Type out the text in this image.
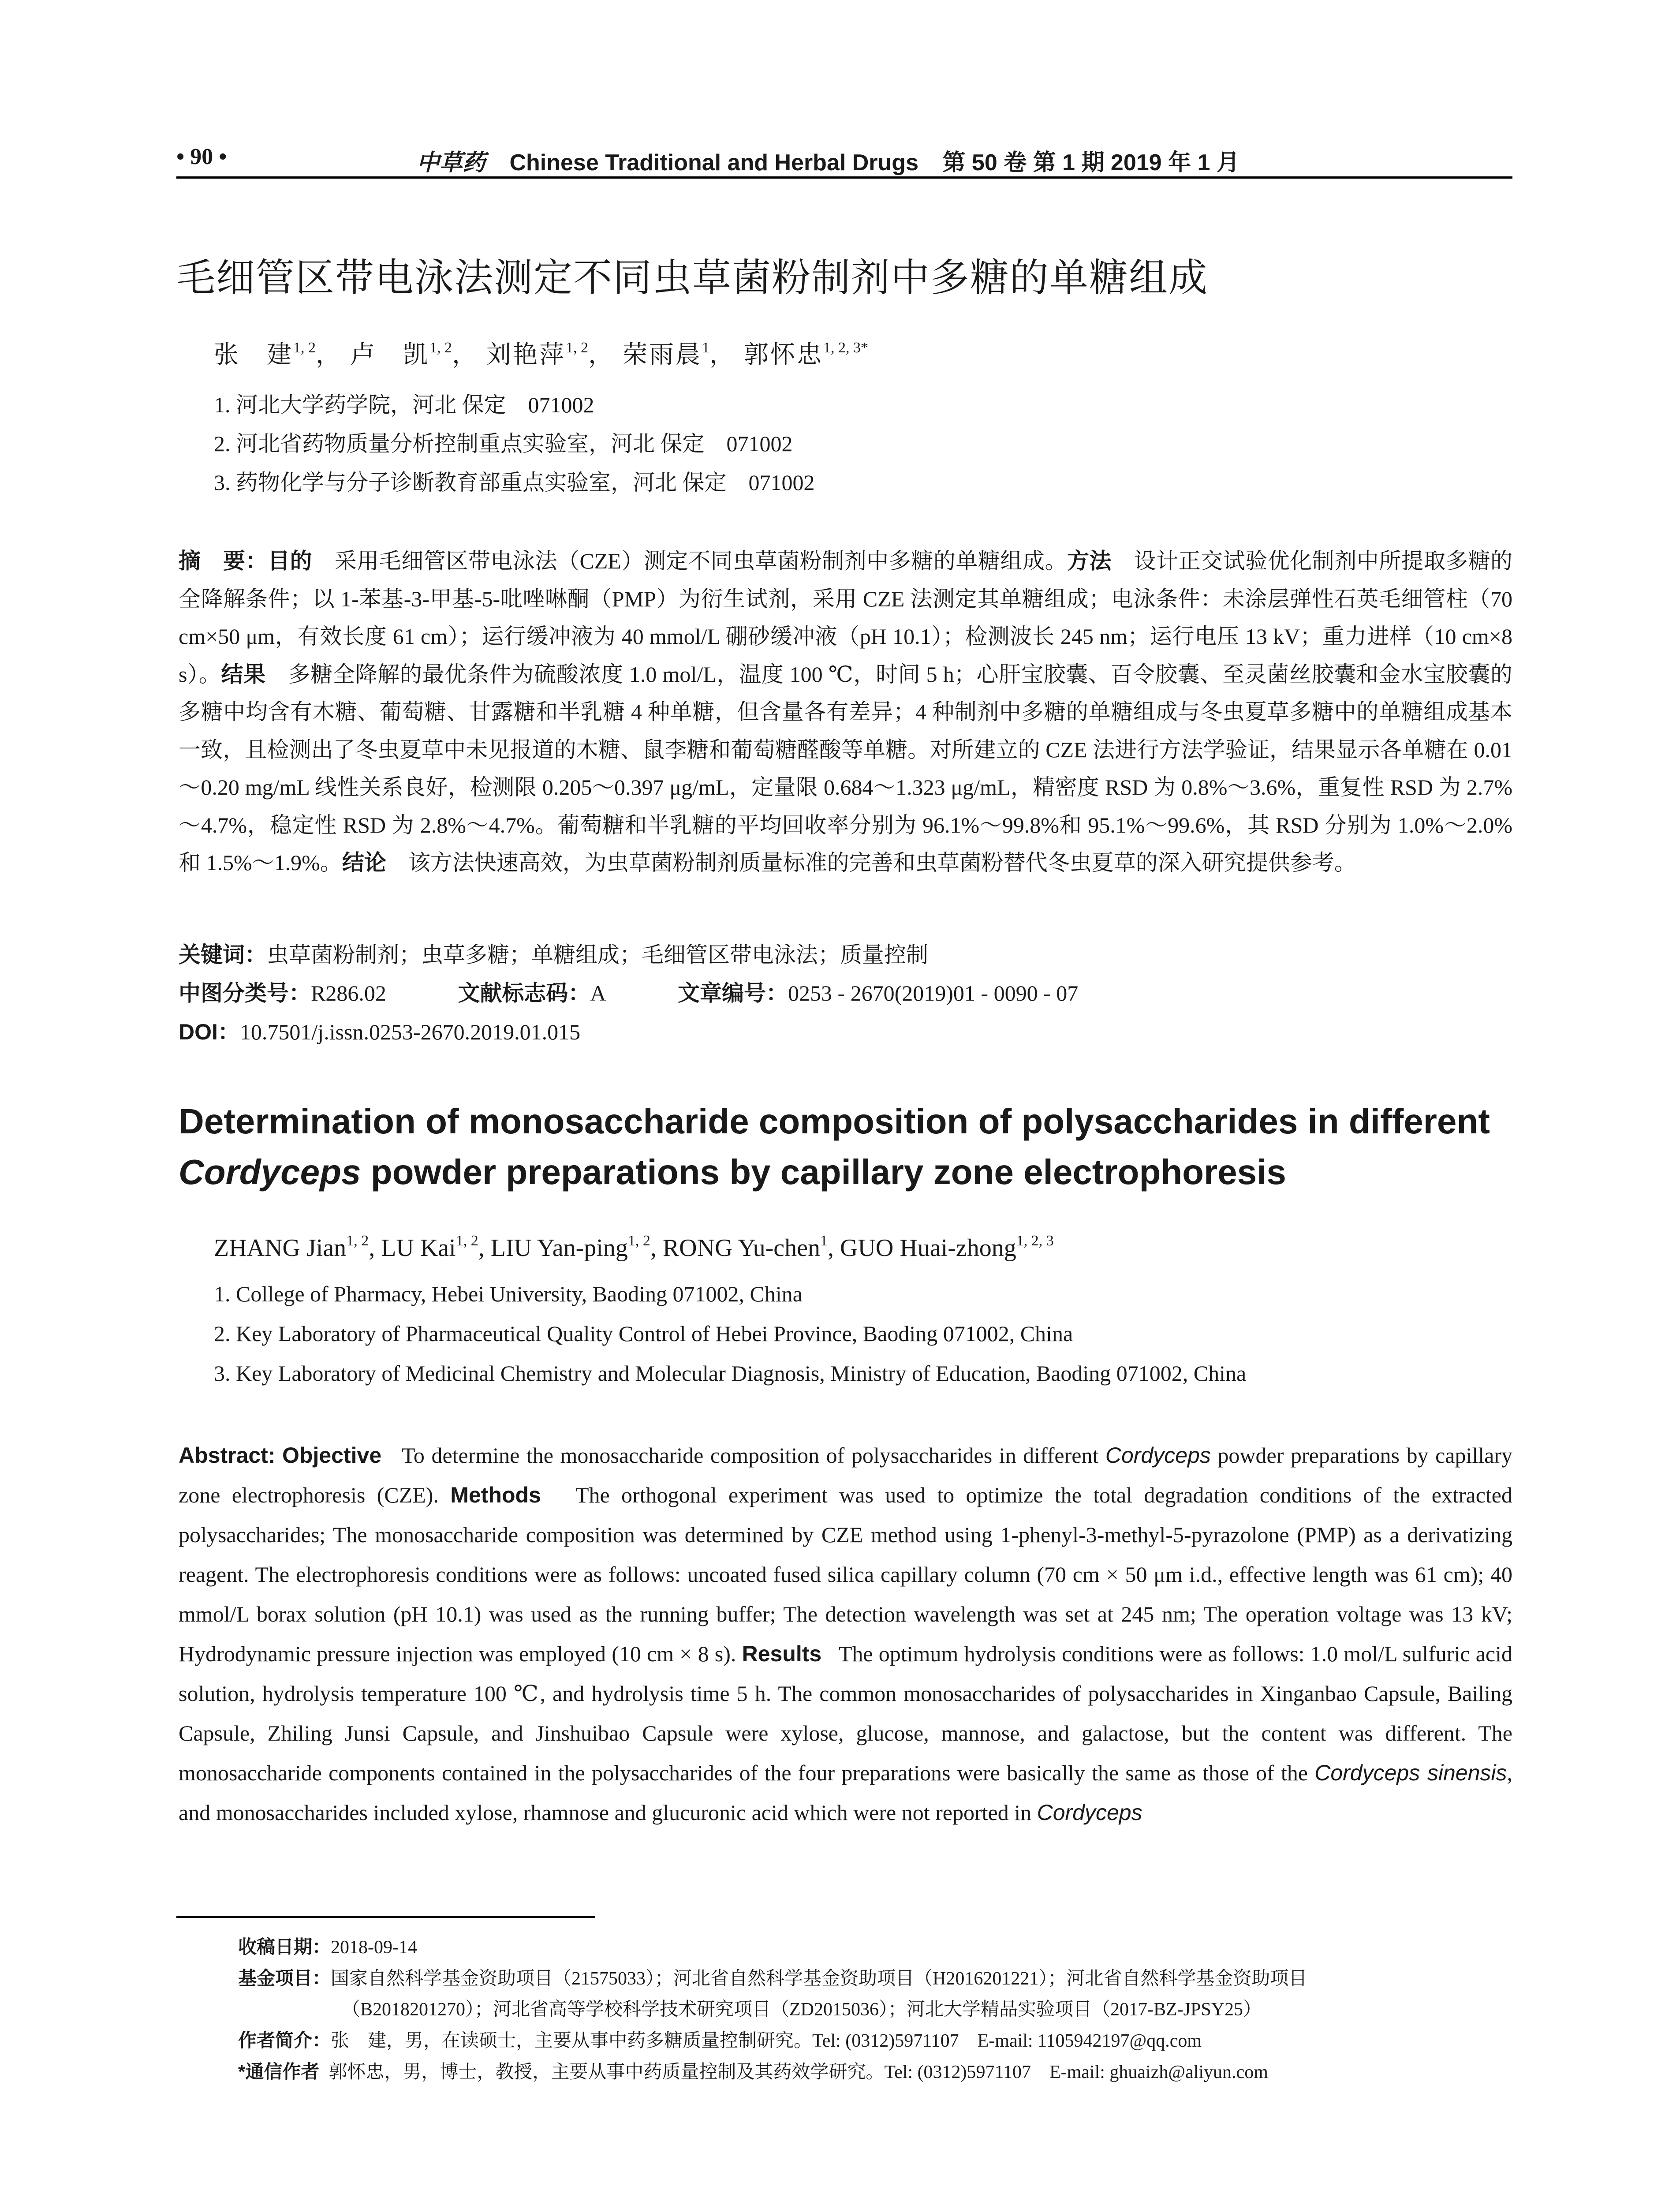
• 90 •	中草药 Chinese Traditional and Herbal Drugs 第 50 卷 第 1 期 2019 年 1 月
毛细管区带电泳法测定不同虫草菌粉制剂中多糖的单糖组成
张　建$^{1, 2}$， 卢　凯$^{1, 2}$， 刘艳萍$^{1, 2}$， 荣雨晨$^1$， 郭怀忠$^{1, 2, 3*}$
1. 河北大学药学院，河北 保定　071002
2. 河北省药物质量分析控制重点实验室，河北 保定　071002
3. 药物化学与分子诊断教育部重点实验室，河北 保定　071002
摘　要：目的　 采用毛细管区带电泳法（CZE）测定不同虫草菌粉制剂中多糖的单糖组成。方法　 设计正交试验优化制剂中所提取多糖的全降解条件；以 1-苯基-3-甲基-5-吡唑啉酮（PMP）为衍生试剂，采用 CZE 法测定其单糖组成；电泳条件：未涂层弹性石英毛细管柱（70 cm×50 μm，有效长度 61 cm）；运行缓冲液为 40 mmol/L 硼砂缓冲液（pH 10.1）；检测波长 245 nm；运行电压 13 kV；重力进样（10 cm×8 s）。结果　 多糖全降解的最优条件为硫酸浓度 1.0 mol/L，温度 100 ℃，时间 5 h；心肝宝胶囊、百令胶囊、至灵菌丝胶囊和金水宝胶囊的多糖中均含有木糖、葡萄糖、甘露糖和半乳糖 4 种单糖，但含量各有差异；4 种制剂中多糖的单糖组成与冬虫夏草多糖中的单糖组成基本一致，且检测出了冬虫夏草中未见报道的木糖、鼠李糖和葡萄糖醛酸等单糖。对所建立的 CZE 法进行方法学验证，结果显示各单糖在 0.01～0.20 mg/mL 线性关系良好，检测限 0.205～0.397 μg/mL，定量限 0.684～1.323 μg/mL，精密度 RSD 为 0.8%～3.6%，重复性 RSD 为 2.7%～4.7%，稳定性 RSD 为 2.8%～4.7%。葡萄糖和半乳糖的平均回收率分别为 96.1%～99.8%和 95.1%～99.6%，其 RSD 分别为 1.0%～2.0%和 1.5%～1.9%。结论　 该方法快速高效，为虫草菌粉制剂质量标准的完善和虫草菌粉替代冬虫夏草的深入研究提供参考。
关键词：虫草菌粉制剂；虫草多糖；单糖组成；毛细管区带电泳法；质量控制
中图分类号：R286.02	文献标志码：A	文章编号：0253 - 2670(2019)01 - 0090 - 07
DOI：10.7501/j.issn.0253-2670.2019.01.015
Determination of monosaccharide composition of polysaccharides in different Cordyceps powder preparations by capillary zone electrophoresis
ZHANG Jian$^{1, 2}$, LU Kai$^{1, 2}$, LIU Yan-ping$^{1, 2}$, RONG Yu-chen$^1$, GUO Huai-zhong$^{1, 2, 3}$
1. College of Pharmacy, Hebei University, Baoding 071002, China
2. Key Laboratory of Pharmaceutical Quality Control of Hebei Province, Baoding 071002, China
3. Key Laboratory of Medicinal Chemistry and Molecular Diagnosis, Ministry of Education, Baoding 071002, China
Abstract: Objective To determine the monosaccharide composition of polysaccharides in different Cordyceps powder preparations by capillary zone electrophoresis (CZE). Methods The orthogonal experiment was used to optimize the total degradation conditions of the extracted polysaccharides; The monosaccharide composition was determined by CZE method using 1-phenyl-3-methyl-5-pyrazolone (PMP) as a derivatizing reagent. The electrophoresis conditions were as follows: uncoated fused silica capillary column (70 cm × 50 μm i.d., effective length was 61 cm); 40 mmol/L borax solution (pH 10.1) was used as the running buffer; The detection wavelength was set at 245 nm; The operation voltage was 13 kV; Hydrodynamic pressure injection was employed (10 cm × 8 s). Results The optimum hydrolysis conditions were as follows: 1.0 mol/L sulfuric acid solution, hydrolysis temperature 100 ℃, and hydrolysis time 5 h. The common monosaccharides of polysaccharides in Xinganbao Capsule, Bailing Capsule, Zhiling Junsi Capsule, and Jinshuibao Capsule were xylose, glucose, mannose, and galactose, but the content was different. The monosaccharide components contained in the polysaccharides of the four preparations were basically the same as those of the Cordyceps sinensis, and monosaccharides included xylose, rhamnose and glucuronic acid which were not reported in Cordyceps

收稿日期：2018-09-14

基金项目：国家自然科学基金资助项目（21575033）；河北省自然科学基金资助项目（H2016201221）；河北省自然科学基金资助项目

（B2018201270）；河北省高等学校科学技术研究项目（ZD2015036）；河北大学精品实验项目（2017-BZ-JPSY25）

作者简介：张　建，男，在读硕士，主要从事中药多糖质量控制研究。Tel: (0312)5971107　E-mail: 1105942197@qq.com

*通信作者 郭怀忠，男，博士，教授，主要从事中药质量控制及其药效学研究。Tel: (0312)5971107　E-mail: ghuaizh@aliyun.com
